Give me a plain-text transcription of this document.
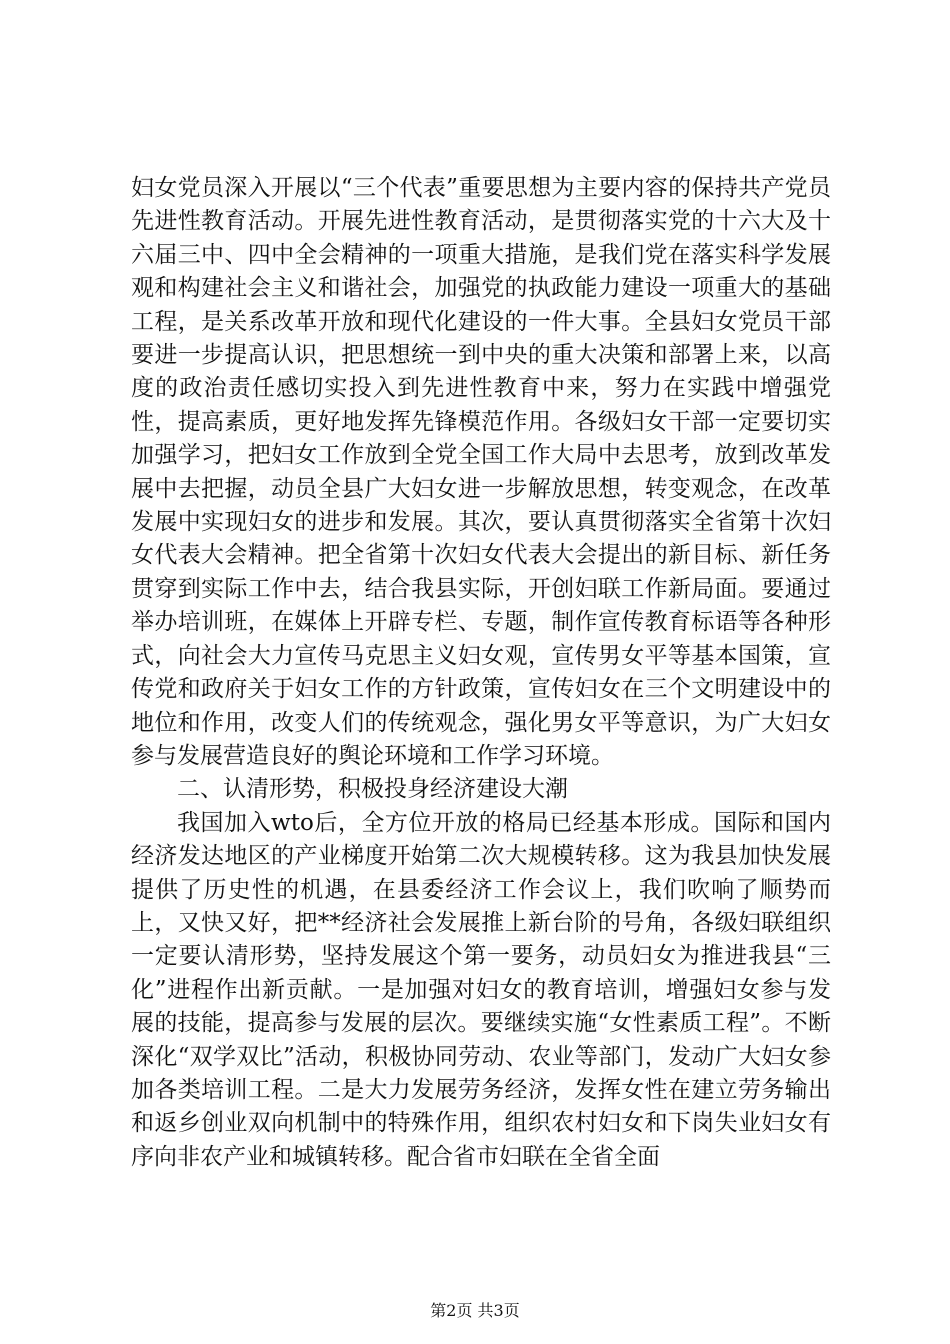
妇女党员深入开展以“三个代表”重要思想为主要内容的保持共产党员先进性教育活动。开展先进性教育活动，是贯彻落实党的十六大及十六届三中、四中全会精神的一项重大措施，是我们党在落实科学发展观和构建社会主义和谐社会，加强党的执政能力建设一项重大的基础工程，是关系改革开放和现代化建设的一件大事。全县妇女党员干部要进一步提高认识，把思想统一到中央的重大决策和部署上来，以高度的政治责任感切实投入到先进性教育中来，努力在实践中增强党性，提高素质，更好地发挥先锋模范作用。各级妇女干部一定要切实加强学习，把妇女工作放到全党全国工作大局中去思考，放到改革发展中去把握，动员全县广大妇女进一步解放思想，转变观念，在改革发展中实现妇女的进步和发展。其次，要认真贯彻落实全省第十次妇女代表大会精神。把全省第十次妇女代表大会提出的新目标、新任务贯穿到实际工作中去，结合我县实际，开创妇联工作新局面。要通过举办培训班，在媒体上开辟专栏、专题，制作宣传教育标语等各种形式，向社会大力宣传马克思主义妇女观，宣传男女平等基本国策，宣传党和政府关于妇女工作的方针政策，宣传妇女在三个文明建设中的地位和作用，改变人们的传统观念，强化男女平等意识，为广大妇女参与发展营造良好的舆论环境和工作学习环境。

二、认清形势，积极投身经济建设大潮

我国加入wto后，全方位开放的格局已经基本形成。国际和国内经济发达地区的产业梯度开始第二次大规模转移。这为我县加快发展提供了历史性的机遇，在县委经济工作会议上，我们吹响了顺势而上，又快又好，把**经济社会发展推上新台阶的号角，各级妇联组织一定要认清形势，坚持发展这个第一要务，动员妇女为推进我县“三化”进程作出新贡献。一是加强对妇女的教育培训，增强妇女参与发展的技能，提高参与发展的层次。要继续实施“女性素质工程”。不断深化“双学双比”活动，积极协同劳动、农业等部门，发动广大妇女参加各类培训工程。二是大力发展劳务经济，发挥女性在建立劳务输出和返乡创业双向机制中的特殊作用，组织农村妇女和下岗失业妇女有序向非农产业和城镇转移。配合省市妇联在全省全面

第2页 共3页
